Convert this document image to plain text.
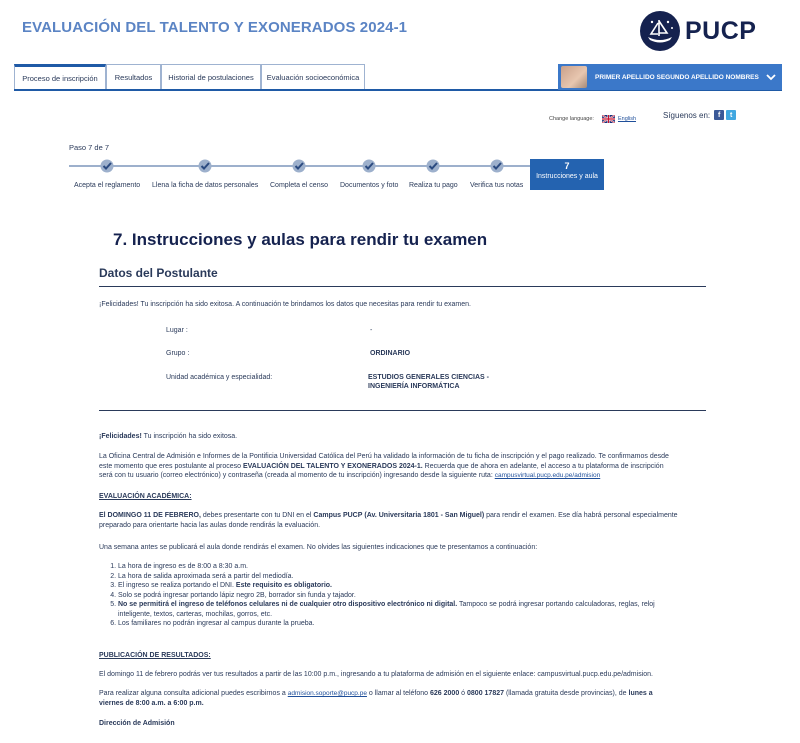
EVALUACIÓN DEL TALENTO Y EXONERADOS 2024-1	PUCP
Proceso de inscripción	Resultados	Historial de postulaciones	Evaluación socioeconómica	PRIMER APELLIDO SEGUNDO APELLIDO NOMBRES
Change language:	English	Síguenos en:	f	t
Paso 7 de 7
Acepta el reglamento Llena la ficha de datos personales Completa el censo Documentos y foto Realiza tu pago Verifica tus notas
7
Instrucciones y aula
7. Instrucciones y aulas para rendir tu examen
Datos del Postulante
¡Felicidades! Tu inscripción ha sido exitosa. A continuación te brindamos los datos que necesitas para rendir tu examen.
Lugar :	-
Grupo :	ORDINARIO
Unidad académica y especialidad:	ESTUDIOS GENERALES CIENCIAS -
INGENIERÍA INFORMÁTICA
¡Felicidades! Tu inscripción ha sido exitosa.
La Oficina Central de Admisión e Informes de la Pontificia Universidad Católica del Perú ha validado la información de tu ficha de inscripción y el pago realizado. Te confirmamos desde
este momento que eres postulante al proceso EVALUACIÓN DEL TALENTO Y EXONERADOS 2024-1. Recuerda que de ahora en adelante, el acceso a tu plataforma de inscripción
será con tu usuario (correo electrónico) y contraseña (creada al momento de tu inscripción) ingresando desde la siguiente ruta: campusvirtual.pucp.edu.pe/admision
EVALUACIÓN ACADÉMICA:
El DOMINGO 11 DE FEBRERO, debes presentarte con tu DNI en el Campus PUCP (Av. Universitaria 1801 - San Miguel) para rendir el examen. Ese día habrá personal especialmente
preparado para orientarte hacia las aulas donde rendirás la evaluación.
Una semana antes se publicará el aula donde rendirás el examen. No olvides las siguientes indicaciones que te presentamos a continuación:
1. La hora de ingreso es de 8:00 a 8:30 a.m.
2. La hora de salida aproximada será a partir del mediodía.
3. El ingreso se realiza portando el DNI. Este requisito es obligatorio.
4. Solo se podrá ingresar portando lápiz negro 2B, borrador sin funda y tajador.
5. No se permitirá el ingreso de teléfonos celulares ni de cualquier otro dispositivo electrónico ni digital. Tampoco se podrá ingresar portando calculadoras, reglas, reloj
inteligente, textos, carteras, mochilas, gorros, etc.
6. Los familiares no podrán ingresar al campus durante la prueba.
PUBLICACIÓN DE RESULTADOS:
El domingo 11 de febrero podrás ver tus resultados a partir de las 10:00 p.m., ingresando a tu plataforma de admisión en el siguiente enlace: campusvirtual.pucp.edu.pe/admision.
Para realizar alguna consulta adicional puedes escribirnos a admision.soporte@pucp.pe o llamar al teléfono 626 2000 ó 0800 17827 (llamada gratuita desde provincias), de lunes a
viernes de 8:00 a.m. a 6:00 p.m.
Dirección de Admisión
